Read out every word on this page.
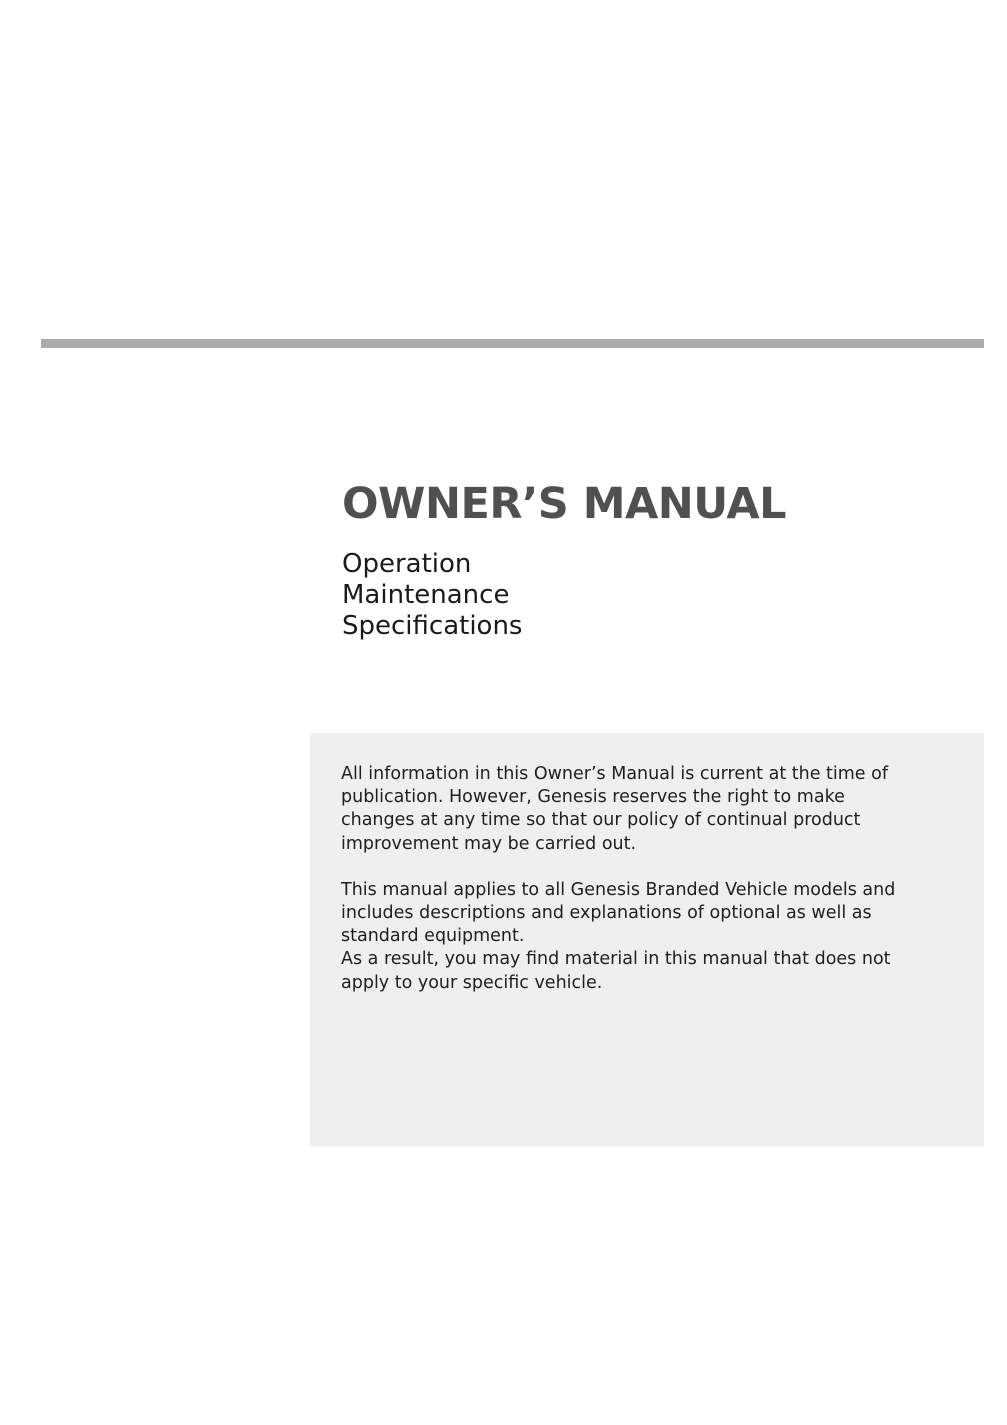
OWNER’S MANUAL
Operation
Maintenance
Specifications

All information in this Owner’s Manual is current at the time of publication. However, Genesis reserves the right to make changes at any time so that our policy of continual product improvement may be carried out.

This manual applies to all Genesis Branded Vehicle models and includes descriptions and explanations of optional as well as standard equipment.

As a result, you may find material in this manual that does not apply to your specific vehicle.
